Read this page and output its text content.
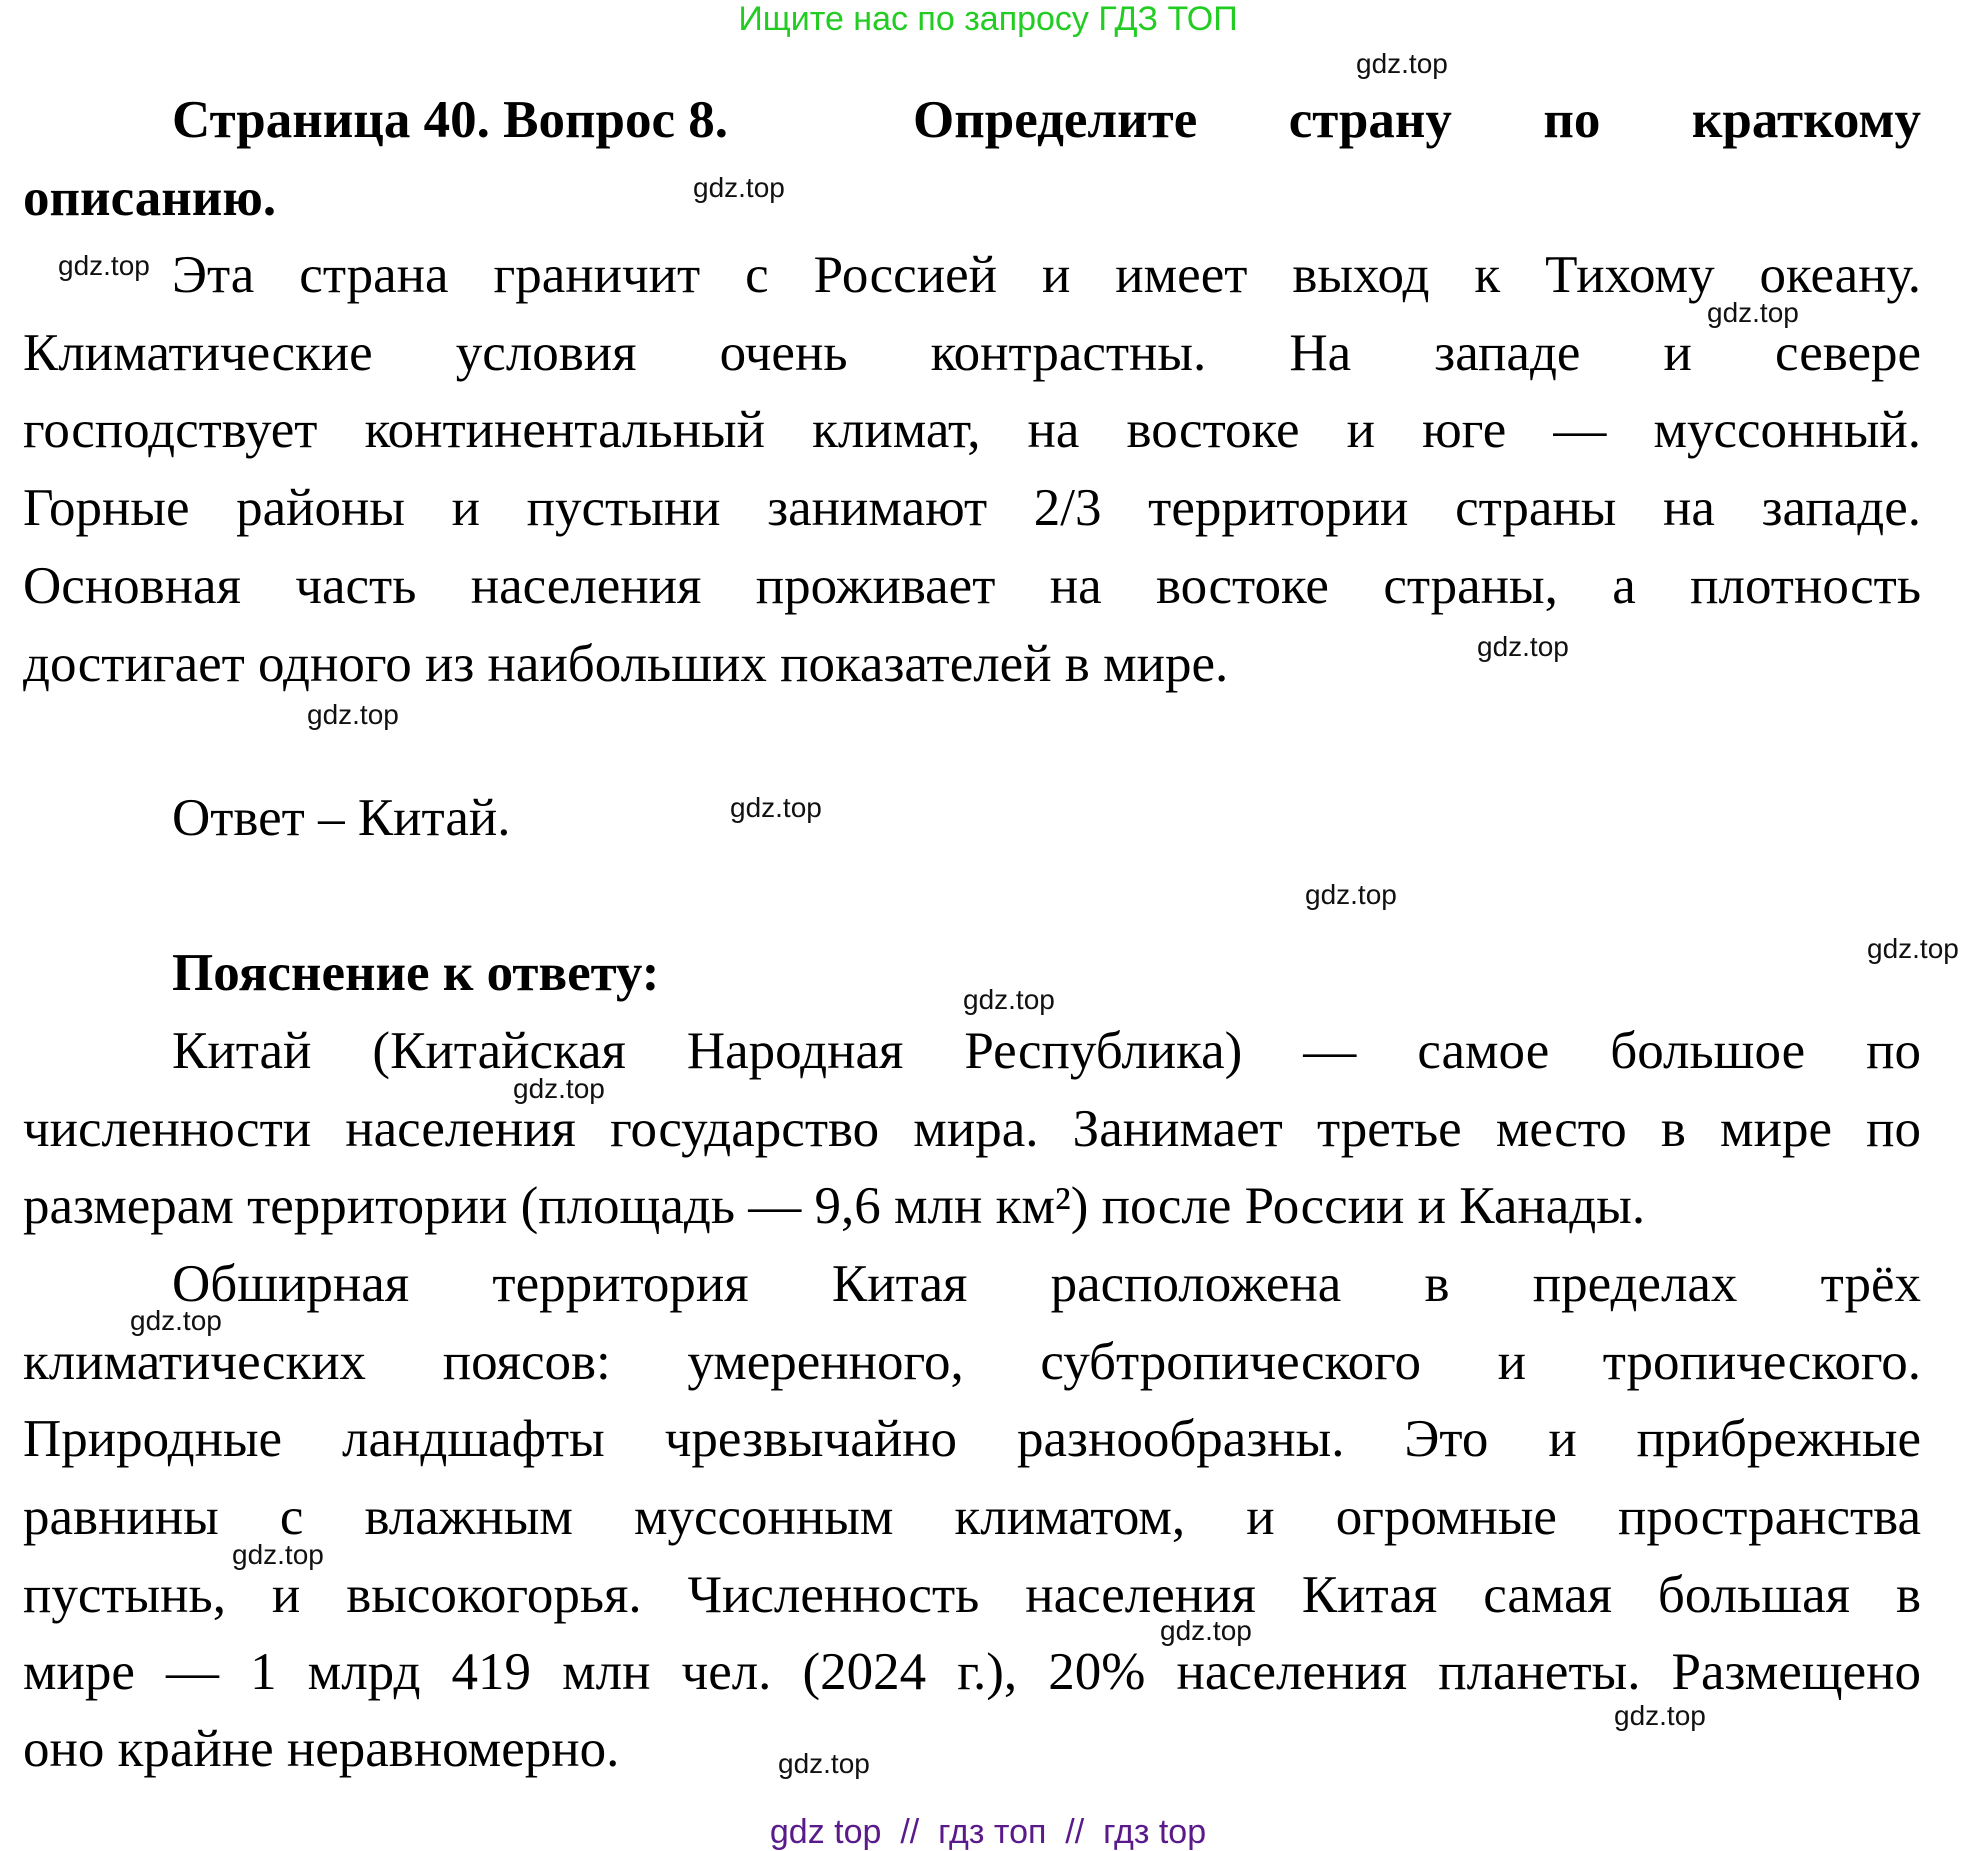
Ищите нас по запросу ГДЗ ТОП
Страница 40. Вопрос 8.	Определите страну по краткому
описанию.
Эта страна граничит с Россией и имеет выход к Тихому океану.
Климатические условия очень контрастны. На западе и севере
господствует континентальный климат, на востоке и юге — муссонный.
Горные районы и пустыни занимают 2/3 территории страны на западе.
Основная часть населения проживает на востоке страны, а плотность
достигает одного из наибольших показателей в мире.
Ответ – Китай.
Пояснение к ответу:
Китай (Китайская Народная Республика) — самое большое по
численности населения государство мира. Занимает третье место в мире по
размерам территории (площадь — 9,6 млн км²) после России и Канады.
Обширная территория Китая расположена в пределах трёх
климатических поясов: умеренного, субтропического и тропического.
Природные ландшафты чрезвычайно разнообразны. Это и прибрежные
равнины с влажным муссонным климатом, и огромные пространства
пустынь, и высокогорья. Численность населения Китая самая большая в
мире — 1 млрд 419 млн чел. (2024 г.), 20% населения планеты. Размещено
оно крайне неравномерно.
gdz.top
gdz.top
gdz.top
gdz.top
gdz.top
gdz.top
gdz.top
gdz.top
gdz.top
gdz.top
gdz.top
gdz.top
gdz.top
gdz.top
gdz.top
gdz.top
gdz top // гдз топ // гдз top
